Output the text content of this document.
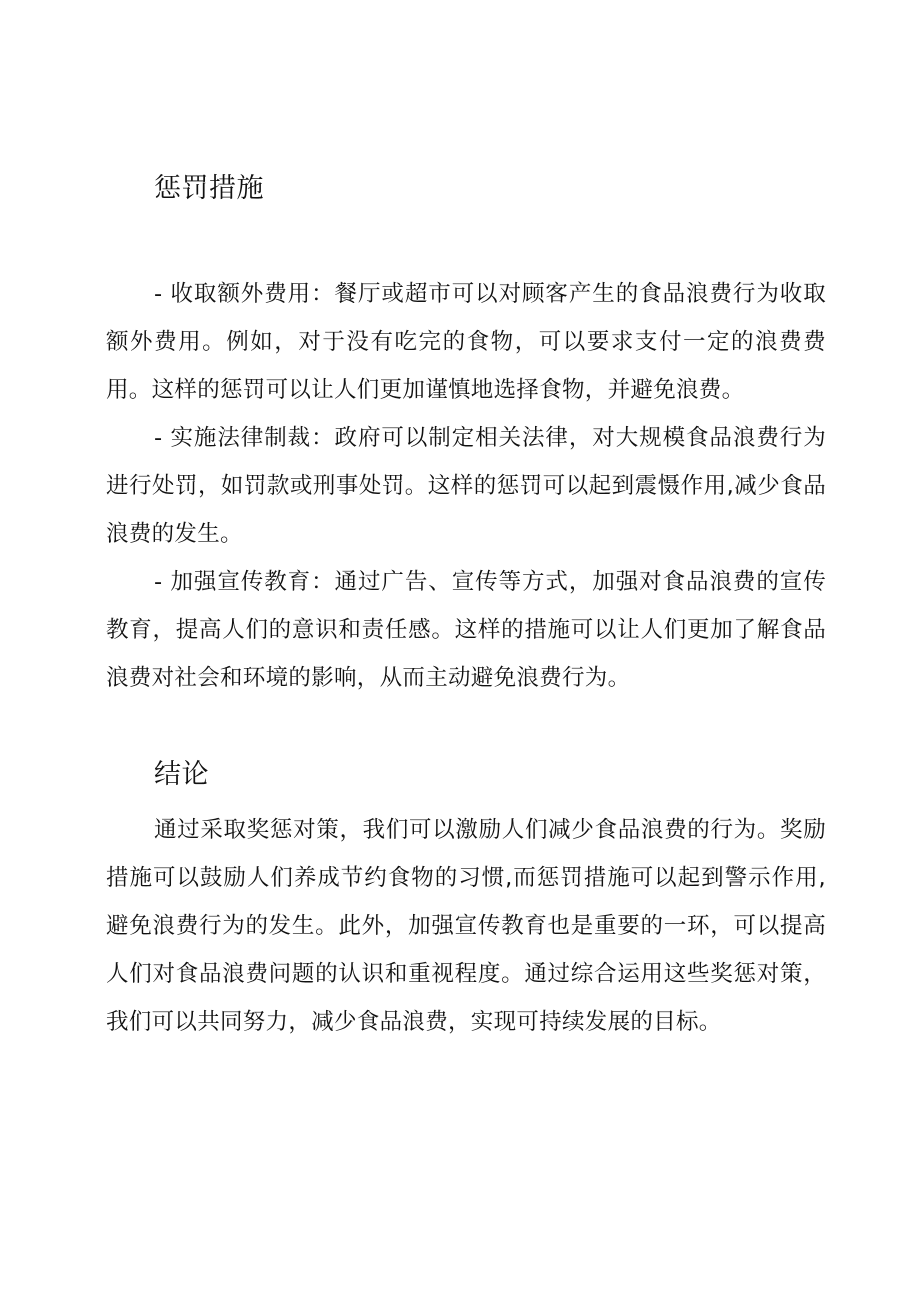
惩罚措施

- 收取额外费用：餐厅或超市可以对顾客产生的食品浪费行为收取额外费用。例如，对于没有吃完的食物，可以要求支付一定的浪费费用。这样的惩罚可以让人们更加谨慎地选择食物，并避免浪费。

- 实施法律制裁：政府可以制定相关法律，对大规模食品浪费行为进行处罚，如罚款或刑事处罚。这样的惩罚可以起到震慑作用,减少食品浪费的发生。

- 加强宣传教育：通过广告、宣传等方式，加强对食品浪费的宣传教育，提高人们的意识和责任感。这样的措施可以让人们更加了解食品浪费对社会和环境的影响，从而主动避免浪费行为。

结论

通过采取奖惩对策，我们可以激励人们减少食品浪费的行为。奖励措施可以鼓励人们养成节约食物的习惯,而惩罚措施可以起到警示作用,避免浪费行为的发生。此外，加强宣传教育也是重要的一环，可以提高人们对食品浪费问题的认识和重视程度。通过综合运用这些奖惩对策，我们可以共同努力，减少食品浪费，实现可持续发展的目标。
